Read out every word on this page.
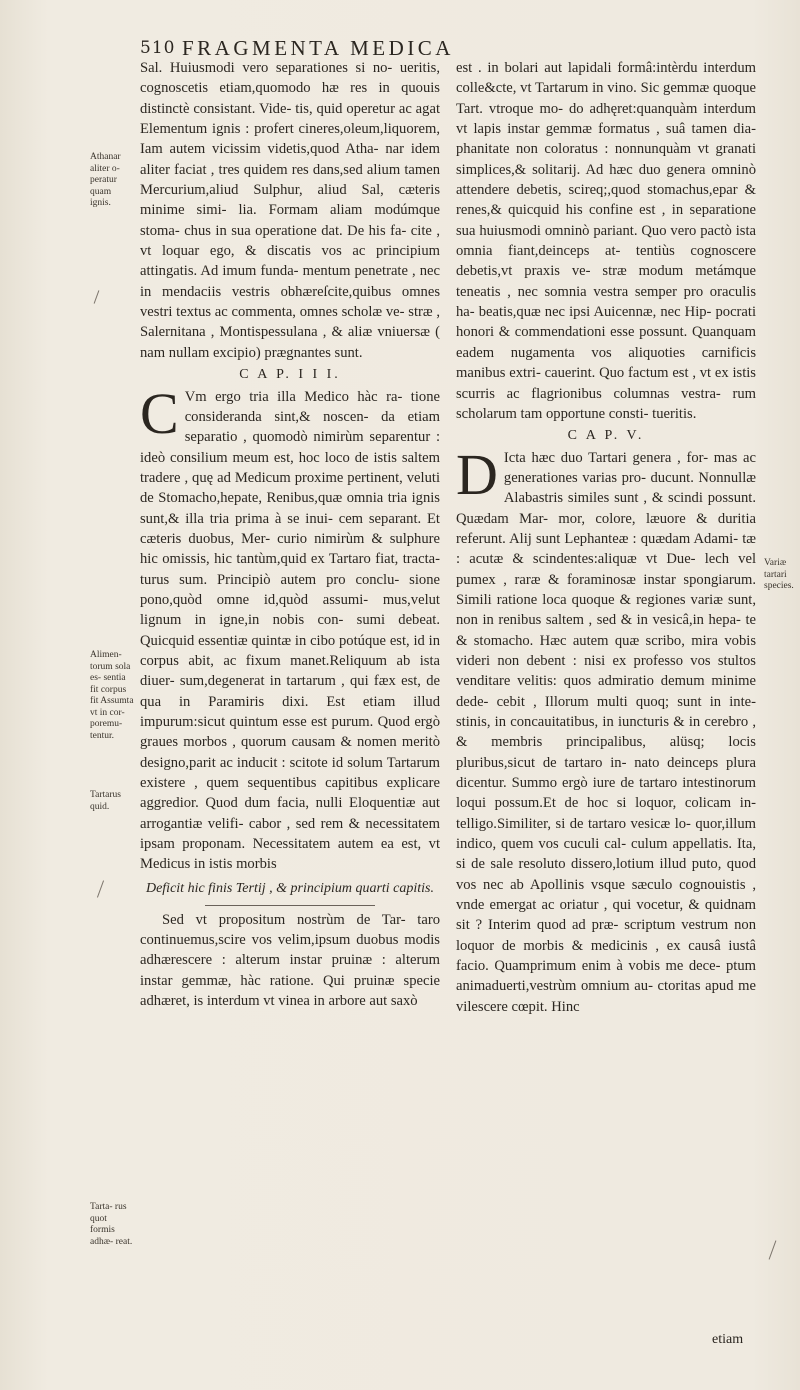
510 FRAGMENTA MEDICA
Athanar aliter o- peratur quam ignis.
Alimen- torum sola es- sentia fit corpus fit Assumta vt in cor- poremu- tentur.
Tartarus quid.
Tarta- rus quot formis adhæ- reat.
Variæ tartari species.

Sal. Huiusmodi vero separationes si no- ueritis, cognoscetis etiam,quomodo hæ res in quouis distinctè consistant. Vide- tis, quid operetur ac agat Elementum ignis : profert cineres,oleum,liquorem, Iam autem vicissim videtis,quod Atha- nar idem aliter faciat , tres quidem res dans,sed alium tamen Mercurium,aliud Sulphur, aliud Sal, cæteris minime simi- lia. Formam aliam modúmque stoma- chus in sua operatione dat. De his fa- cite , vt loquar ego, & discatis vos ac principium attingatis. Ad imum funda- mentum penetrate , nec in mendaciis vestris obhæreſcite,quibus omnes vestri textus ac commenta, omnes scholæ ve- stræ , Salernitana , Montispessulana , & aliæ vniuersæ ( nam nullam excipio) prægnantes sunt.

C A P. I I I.

C Vm ergo tria illa Medico hàc ra- tione consideranda sint,& noscen- da etiam separatio , quomodò nimirùm separentur : ideò consilium meum est, hoc loco de istis saltem tradere , quę ad Medicum proxime pertinent, veluti de Stomacho,hepate, Renibus,quæ omnia tria ignis sunt,& illa tria prima à se inui- cem separant. Et cæteris duobus, Mer- curio nimirùm & sulphure hic omissis, hic tantùm,quid ex Tartaro fiat, tracta- turus sum. Principiò autem pro conclu- sione pono,quòd omne id,quòd assumi- mus,velut lignum in igne,in nobis con- sumi debeat. Quicquid essentiæ quintæ in cibo potúque est, id in corpus abit, ac fixum manet.Reliquum ab ista diuer- sum,degenerat in tartarum , qui fæx est, de qua in Paramiris dixi. Est etiam illud impurum:sicut quintum esse est purum. Quod ergò graues morbos , quorum causam & nomen meritò designo,parit ac inducit : scitote id solum Tartarum existere , quem sequentibus capitibus explicare aggredior. Quod dum facia, nulli Eloquentiæ aut arrogantiæ velifi- cabor , sed rem & necessitatem ipsam proponam. Necessitatem autem ea est, vt Medicus in istis morbis

Deficit hic finis Tertij , & principium quarti capitis.

Sed vt propositum nostrùm de Tar- taro continuemus,scire vos velim,ipsum duobus modis adhærescere : alterum instar pruinæ : alterum instar gemmæ, hàc ratione. Qui pruinæ specie adhæret, is interdum vt vinea in arbore aut saxò

est . in bolari aut lapidali formâ:intèrdu interdum colle&cte, vt Tartarum in vino. Sic gemmæ quoque Tart. vtroque mo- do adhęret:quanquàm interdum vt lapis instar gemmæ formatus , suâ tamen dia- phanitate non coloratus : nonnunquàm vt granati simplices,& solitarij. Ad hæc duo genera omninò attendere debetis, scireq;,quod stomachus,epar & renes,& quicquid his confine est , in separatione sua huiusmodi omninò pariant. Quo vero pactò ista omnia fiant,deinceps at- tentiùs cognoscere debetis,vt praxis ve- stræ modum metámque teneatis , nec somnia vestra semper pro oraculis ha- beatis,quæ nec ipsi Auicennæ, nec Hip- pocrati honori & commendationi esse possunt. Quanquam eadem nugamenta vos aliquoties carnificis manibus extri- cauerint. Quo factum est , vt ex istis scurris ac flagrionibus columnas vestra- rum scholarum tam opportune consti- tueritis.

C A P. V.

D Icta hæc duo Tartari genera , for- mas ac generationes varias pro- ducunt. Nonnullæ Alabastris similes sunt , & scindi possunt. Quædam Mar- mor, colore, læuore & duritia referunt. Alij sunt Lephanteæ : quædam Adami- tæ : acutæ & scindentes:aliquæ vt Due- lech vel pumex , raræ & foraminosæ instar spongiarum. Simili ratione loca quoque & regiones variæ sunt, non in renibus saltem , sed & in vesicâ,in hepa- te & stomacho. Hæc autem quæ scribo, mira vobis videri non debent : nisi ex professo vos stultos venditare velitis: quos admiratio demum minime dede- cebit , Illorum multi quoq; sunt in inte- stinis, in concauitatibus, in iuncturis & in cerebro , & membris principalibus, alüsq; locis pluribus,sicut de tartaro in- nato deinceps plura dicentur. Summo ergò iure de tartaro intestinorum loqui possum.Et de hoc si loquor, colicam in- telligo.Similiter, si de tartaro vesicæ lo- quor,illum indico, quem vos cuculi cal- culum appellatis. Ita, si de sale resoluto dissero,lotium illud puto, quod vos nec ab Apollinis vsque sæculo cognouistis , vnde emergat ac oriatur , qui vocetur, & quidnam sit ? Interim quod ad præ- scriptum vestrum non loquor de morbis & medicinis , ex causâ iustâ facio. Quamprimum enim à vobis me dece- ptum animaduerti,vestrùm omnium au- ctoritas apud me vilescere cœpit. Hinc

etiam
